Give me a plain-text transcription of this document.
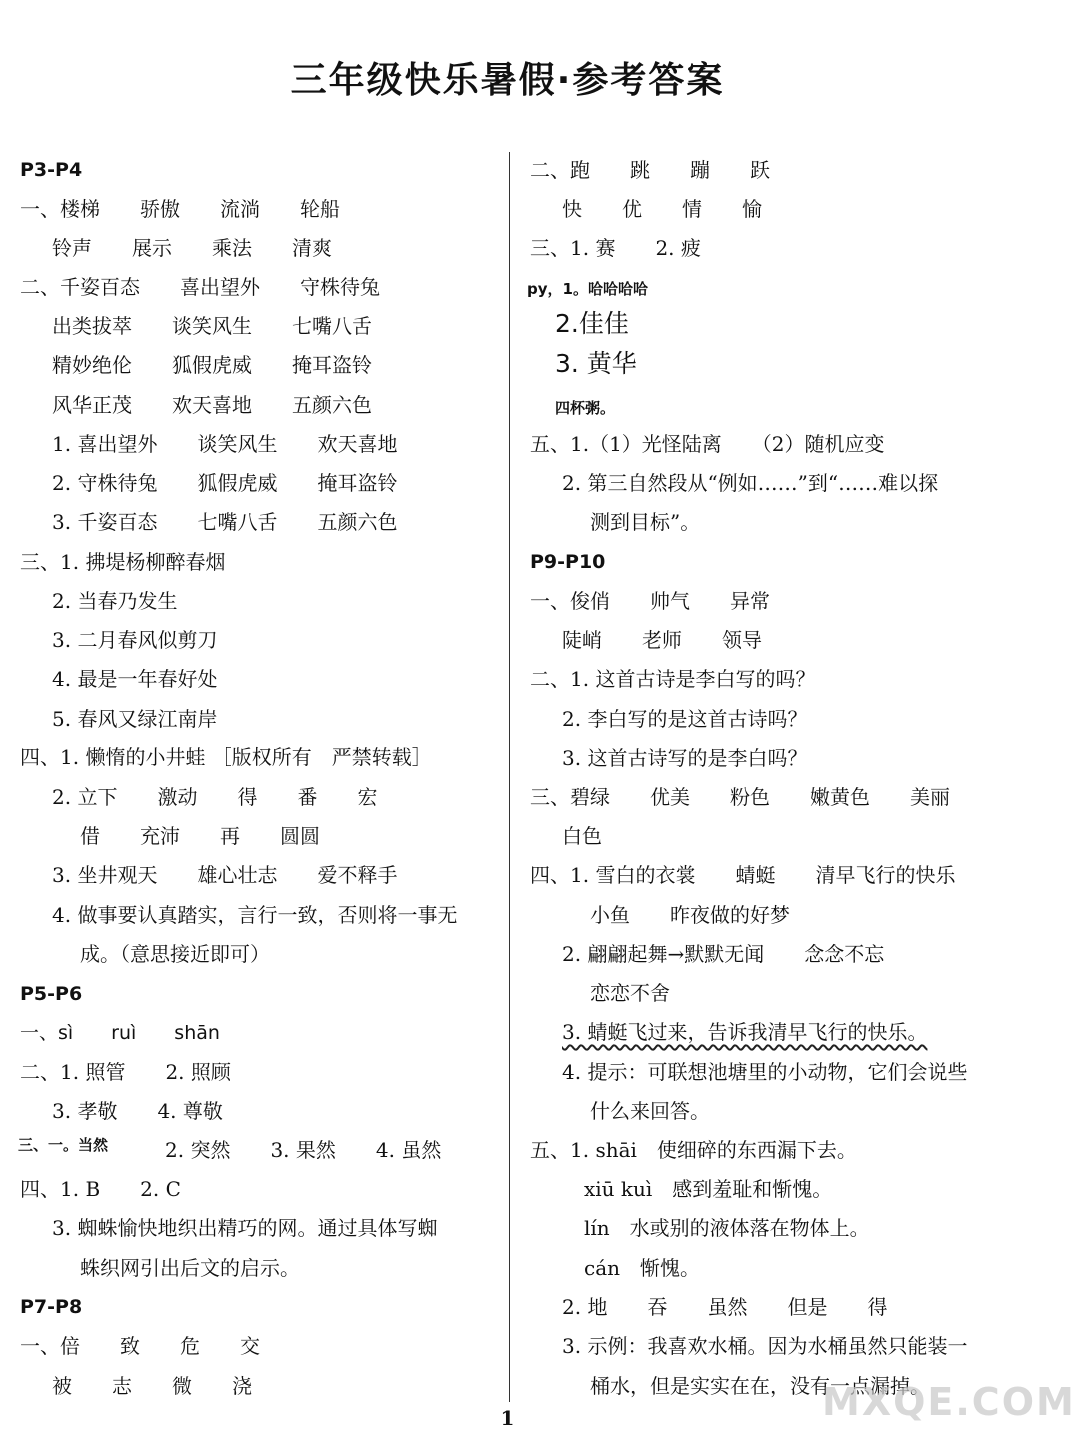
三年级快乐暑假·参考答案
P3-P4
一、楼梯　　骄傲　　流淌　　轮船
铃声　　展示　　乘法　　清爽
二、千姿百态　　喜出望外　　守株待兔
出类拔萃　　谈笑风生　　七嘴八舌
精妙绝伦　　狐假虎威　　掩耳盗铃
风华正茂　　欢天喜地　　五颜六色
1. 喜出望外　　谈笑风生　　欢天喜地
2. 守株待兔　　狐假虎威　　掩耳盗铃
3. 千姿百态　　七嘴八舌　　五颜六色
三、1. 拂堤杨柳醉春烟
2. 当春乃发生
3. 二月春风似剪刀
4. 最是一年春好处
5. 春风又绿江南岸
四、1. 懒惰的小井蛙 ［版权所有　严禁转载］
2. 立下　　激动　　得　　番　　宏
借　　充沛　　再　　圆圆
3. 坐井观天　　雄心壮志　　爱不释手
4. 做事要认真踏实，言行一致，否则将一事无
成。（意思接近即可）
P5-P6
一、sì　　ruì　　shān
二、1. 照管　　2. 照顾
3. 孝敬　　4. 尊敬
三、一。当然	2. 突然　　3. 果然　　4. 虽然
四、1. B　　2. C
3. 蜘蛛愉快地织出精巧的网。通过具体写蜘
蛛织网引出后文的启示。
P7-P8
一、倍　　致　　危　　交
被　　志　　微　　浇
二、跑　　跳　　蹦　　跃
快　　优　　情　　愉
三、1. 赛　　2. 疲
py，1。哈哈哈哈
2.佳佳
3. 黄华
四杯粥。
五、1.（1）光怪陆离　　（2）随机应变
2. 第三自然段从“例如……”到“……难以探
测到目标”。
P9-P10
一、俊俏　　帅气　　异常
陡峭　　老师　　领导
二、1. 这首古诗是李白写的吗？
2. 李白写的是这首古诗吗？
3. 这首古诗写的是李白吗？
三、碧绿　　优美　　粉色　　嫩黄色　　美丽
白色
四、1. 雪白的衣裳　　蜻蜓　　清早飞行的快乐
小鱼　　昨夜做的好梦
2. 翩翩起舞→默默无闻　　念念不忘
恋恋不舍
3. 蜻蜓飞过来，告诉我清早飞行的快乐。
4. 提示：可联想池塘里的小动物，它们会说些
什么来回答。
五、1. shāi　使细碎的东西漏下去。
xiū kuì　感到羞耻和惭愧。
lín　水或别的液体落在物体上。
cán　惭愧。
2. 地　　吞　　虽然　　但是　　得
3. 示例：我喜欢水桶。因为水桶虽然只能装一
桶水，但是实实在在，没有一点漏掉。
1	MXQE.COM
